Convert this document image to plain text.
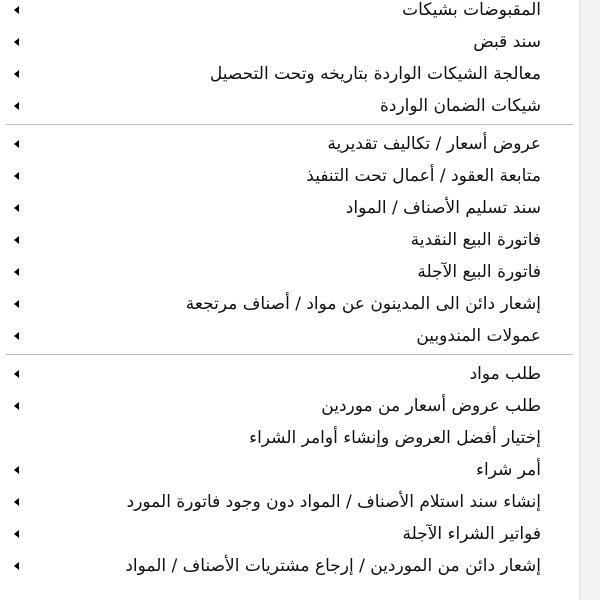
المقبوضات بشيكات
سند قبض
معالجة الشيكات الواردة بتاريخه وتحت التحصيل
شيكات الضمان الواردة
عروض أسعار / تكاليف تقديرية
متابعة العقود / أعمال تحت التنفيذ
سند تسليم الأصناف / المواد
فاتورة البيع النقدية
فاتورة البيع الآجلة
إشعار دائن الى المدينون عن مواد / أصناف مرتجعة
عمولات المندوبين
طلب مواد
طلب عروض أسعار من موردين
إختيار أفضل العروض وإنشاء أوامر الشراء
أمر شراء
إنشاء سند استلام الأصناف / المواد دون وجود فاتورة المورد
فواتير الشراء الآجلة
إشعار دائن من الموردين / إرجاع مشتريات الأصناف / المواد
